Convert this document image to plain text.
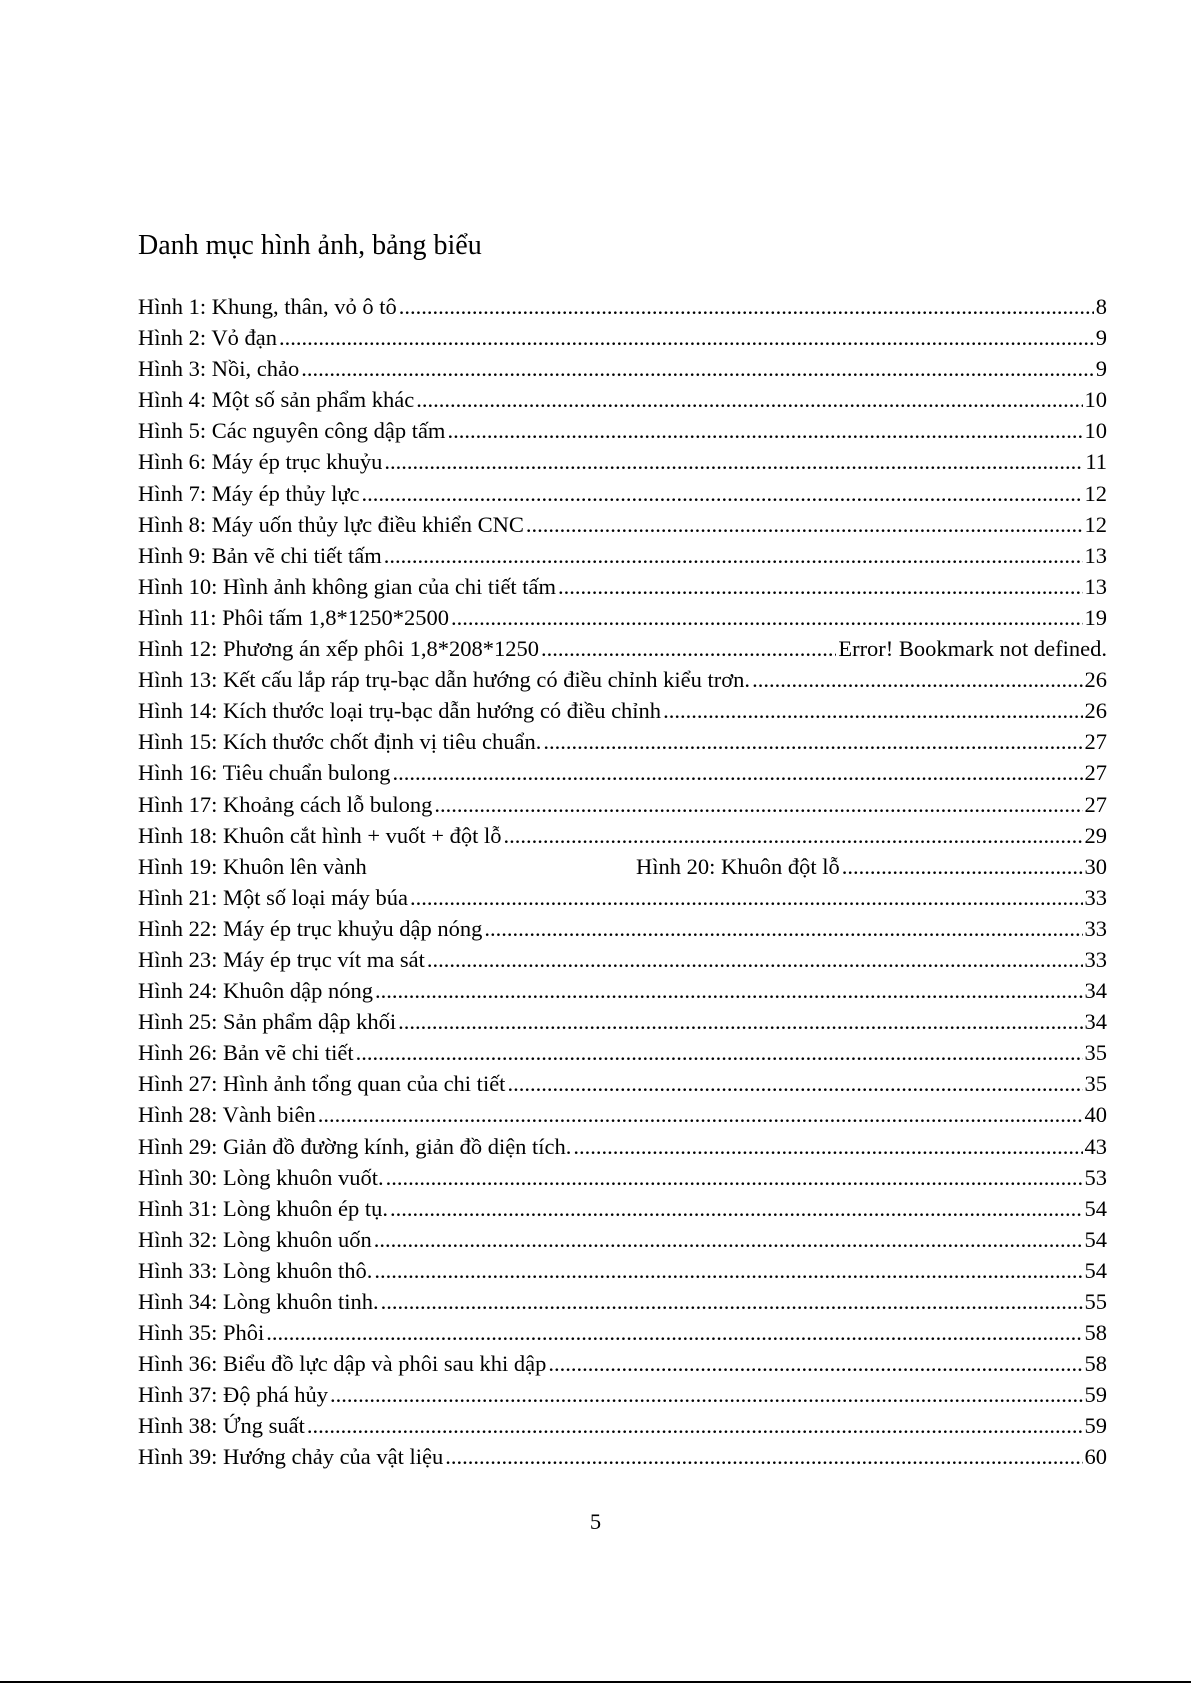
Danh mục hình ảnh, bảng biểu
Hình 1: Khung, thân, vỏ ô tô .....	8
Hình 2: Vỏ đạn .....	9
Hình 3: Nồi, chảo .....	9
Hình 4: Một số sản phẩm khác .....	10
Hình 5: Các nguyên công dập tấm .....	10
Hình 6: Máy ép trục khuỷu .....	11
Hình 7: Máy ép thủy lực .....	12
Hình 8: Máy uốn thủy lực điều khiển CNC .....	12
Hình 9: Bản vẽ chi tiết tấm .....	13
Hình 10: Hình ảnh không gian của chi tiết tấm .....	13
Hình 11: Phôi tấm 1,8*1250*2500 .....	19
Hình 12: Phương án xếp phôi 1,8*208*1250 .....	Error! Bookmark not defined.
Hình 13: Kết cấu lắp ráp trụ-bạc dẫn hướng có điều chỉnh kiểu trơn. .....	26
Hình 14: Kích thước loại trụ-bạc dẫn hướng có điều chỉnh .....	26
Hình 15: Kích thước chốt định vị tiêu chuẩn. .....	27
Hình 16: Tiêu chuẩn bulong .....	27
Hình 17: Khoảng cách lỗ bulong .....	27
Hình 18: Khuôn cắt hình + vuốt + đột lỗ .....	29
Hình 19: Khuôn lên vành	Hình 20: Khuôn đột lỗ .....	30
Hình 21: Một số loại máy búa .....	33
Hình 22: Máy ép trục khuỷu dập nóng .....	33
Hình 23: Máy ép trục vít ma sát .....	33
Hình 24: Khuôn dập nóng .....	34
Hình 25: Sản phẩm dập khối .....	34
Hình 26: Bản vẽ chi tiết .....	35
Hình 27: Hình ảnh tổng quan của chi tiết .....	35
Hình 28: Vành biên .....	40
Hình 29: Giản đồ đường kính, giản đồ diện tích. .....	43
Hình 30: Lòng khuôn vuốt. .....	53
Hình 31: Lòng khuôn ép tụ. .....	54
Hình 32: Lòng khuôn uốn .....	54
Hình 33: Lòng khuôn thô. .....	54
Hình 34: Lòng khuôn tinh. .....	55
Hình 35: Phôi .....	58
Hình 36: Biểu đồ lực dập và phôi sau khi dập .....	58
Hình 37: Độ phá hủy .....	59
Hình 38: Ứng suất .....	59
Hình 39: Hướng chảy của vật liệu .....	60
5
